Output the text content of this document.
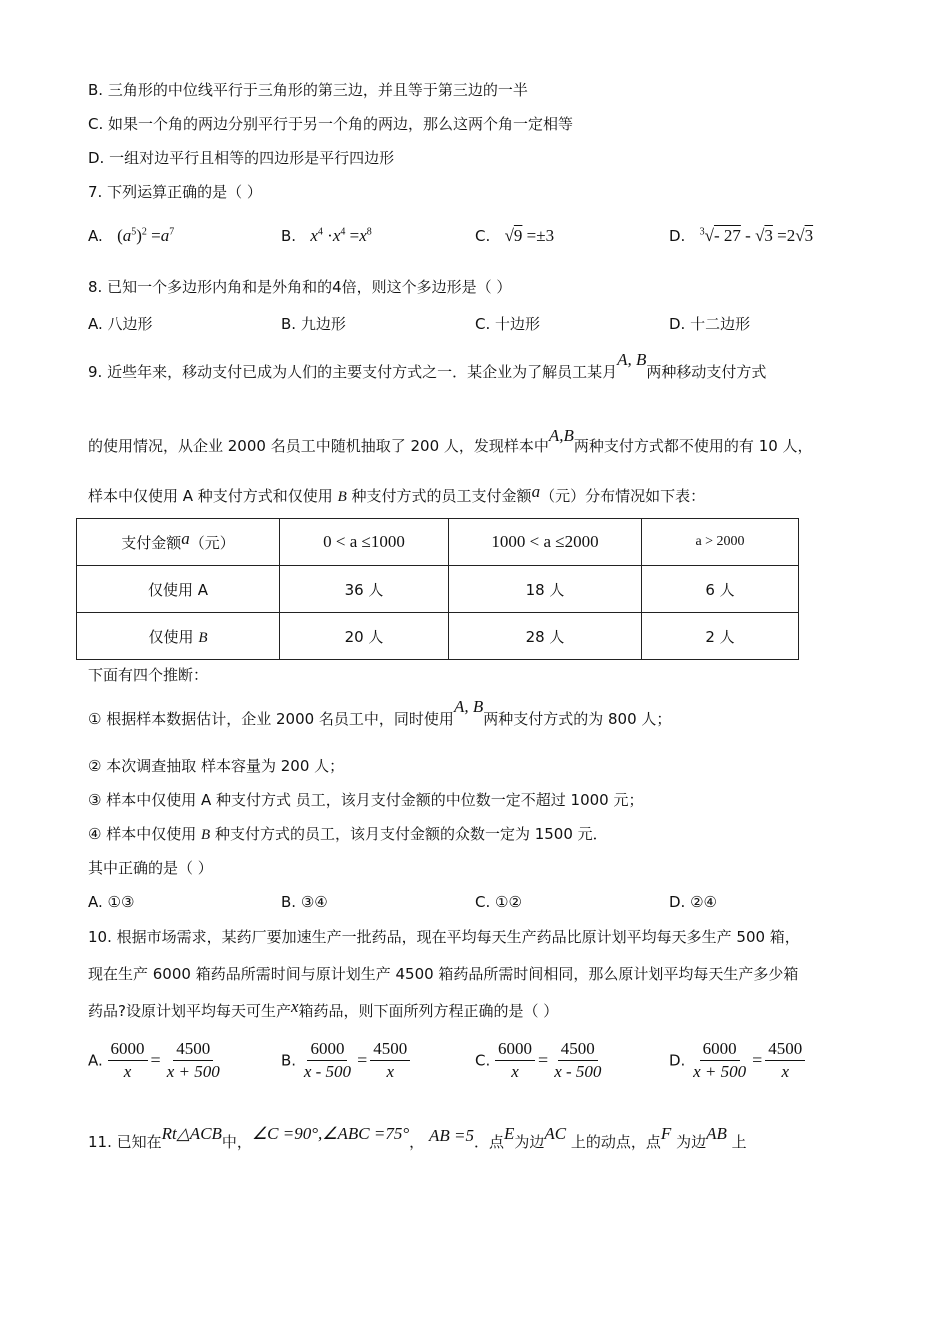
B. 三角形的中位线平行于三角形的第三边，并且等于第三边的一半
C. 如果一个角的两边分别平行于另一个角的两边，那么这两个角一定相等
D. 一组对边平行且相等的四边形是平行四边形
7. 下列运算正确的是（ ）
A. $(a^5)^2 =a^7$	B. $x^4 \cdot x^4 =x^8$	C. √9 =±3	D. $^3$√- 27 - √3 =2√3
8. 已知一个多边形内角和是外角和的4倍，则这个多边形是（ ）
A. 八边形	B. 九边形	C. 十边形	D. 十二边形
9. 近些年来，移动支付已成为人们的主要支付方式之一．某企业为了解员工某月A, B两种移动支付方式
的使用情况，从企业 2000 名员工中随机抽取了 200 人，发现样本中A,B两种支付方式都不使用的有 10 人，
样本中仅使用 A 种支付方式和仅使用 B 种支付方式的员工支付金额a（元）分布情况如下表：
支付金额a（元）	0 < a ≤1000	1000 < a ≤2000	a > 2000
仅使用 A	36 人	18 人	6 人
仅使用 B	20 人	28 人	2 人
下面有四个推断：
① 根据样本数据估计，企业 2000 名员工中，同时使用A, B两种支付方式的为 800 人；
② 本次调查抽取 样本容量为 200 人；
③ 样本中仅使用 A 种支付方式 员工，该月支付金额的中位数一定不超过 1000 元；
④ 样本中仅使用 B 种支付方式的员工，该月支付金额的众数一定为 1500 元．
其中正确的是（ ）
A. ①③	B. ③④	C. ①②	D. ②④
10. 根据市场需求，某药厂要加速生产一批药品，现在平均每天生产药品比原计划平均每天多生产 500 箱，
现在生产 6000 箱药品所需时间与原计划生产 4500 箱药品所需时间相同，那么原计划平均每天生产多少箱
药品?设原计划平均每天可生产x箱药品，则下面所列方程正确的是（ ）
A. $\frac{6000}{x} = \frac{4500}{x + 500}$	B. $\frac{6000}{x - 500} = \frac{4500}{x}$	C. $\frac{6000}{x} = \frac{4500}{x - 500}$	D. $\frac{6000}{x + 500} = \frac{4500}{x}$
11. 已知在Rt△ACB中，∠C =90°,∠ABC =75°， AB =5．点E为边AC 上的动点，点F 为边AB 上
